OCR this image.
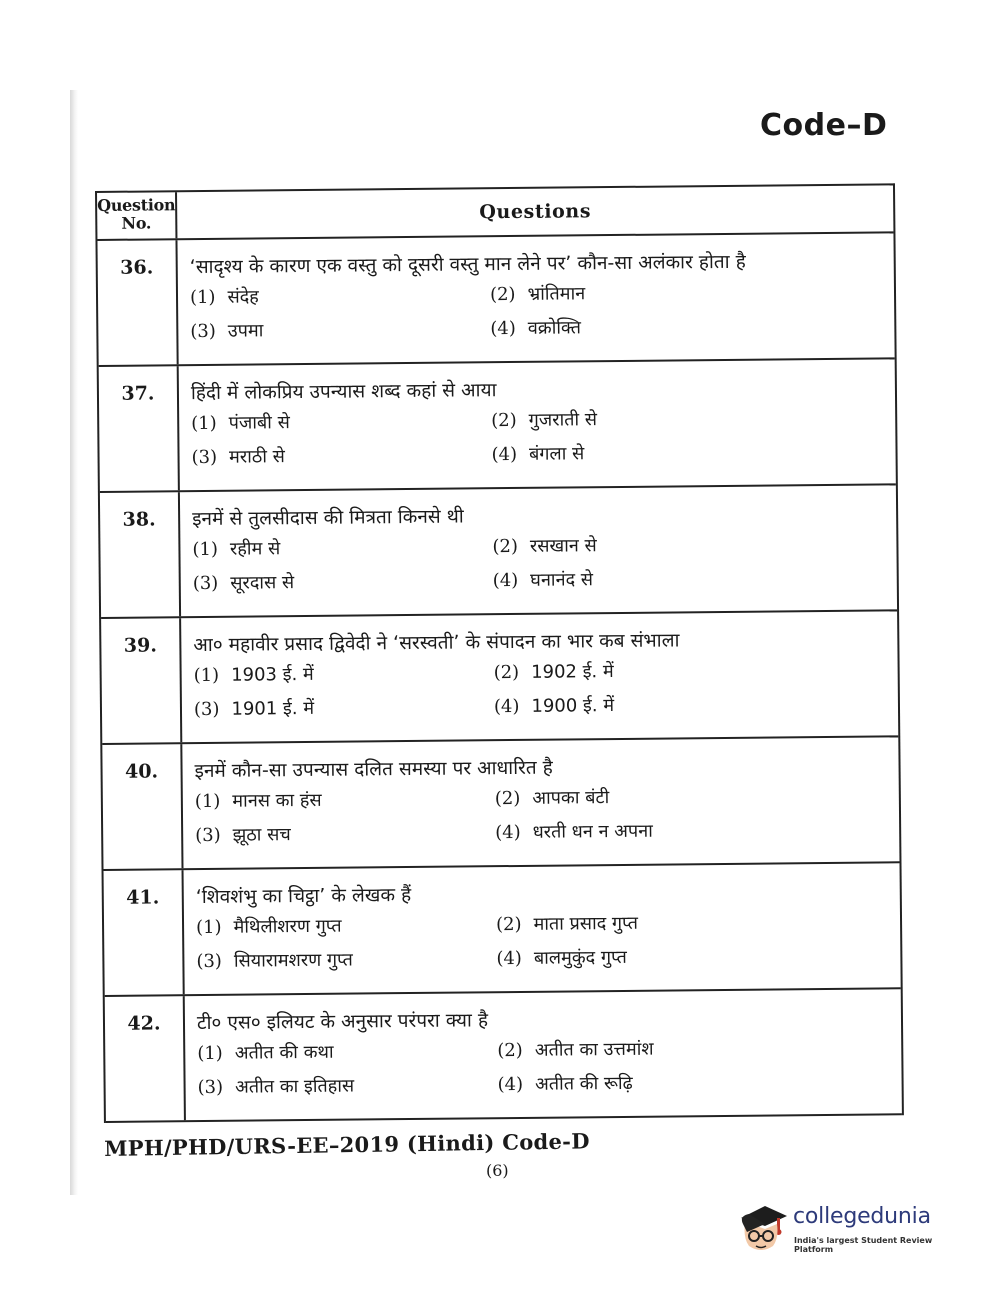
Code–D
Question No.	Questions
36.	‘सादृश्य के कारण एक वस्तु को दूसरी वस्तु मान लेने पर’ कौन-सा अलंकार होता है
(1) संदेह	(2) भ्रांतिमान
(3) उपमा	(4) वक्रोक्ति
37.	हिंदी में लोकप्रिय उपन्यास शब्द कहां से आया
(1) पंजाबी से	(2) गुजराती से
(3) मराठी से	(4) बंगला से
38.	इनमें से तुलसीदास की मित्रता किनसे थी
(1) रहीम से	(2) रसखान से
(3) सूरदास से	(4) घनानंद से
39.	आ० महावीर प्रसाद द्विवेदी ने ‘सरस्वती’ के संपादन का भार कब संभाला
(1) 1903 ई. में	(2) 1902 ई. में
(3) 1901 ई. में	(4) 1900 ई. में
40.	इनमें कौन-सा उपन्यास दलित समस्या पर आधारित है
(1) मानस का हंस	(2) आपका बंटी
(3) झूठा सच	(4) धरती धन न अपना
41.	‘शिवशंभु का चिट्ठा’ के लेखक हैं
(1) मैथिलीशरण गुप्त	(2) माता प्रसाद गुप्त
(3) सियारामशरण गुप्त	(4) बालमुकुंद गुप्त
42.	टी० एस० इलियट के अनुसार परंपरा क्या है
(1) अतीत की कथा	(2) अतीत का उत्तमांश
(3) अतीत का इतिहास	(4) अतीत की रूढ़ि
MPH/PHD/URS-EE–2019 (Hindi) Code-D
(6)
collegedunia
India's largest Student Review Platform
